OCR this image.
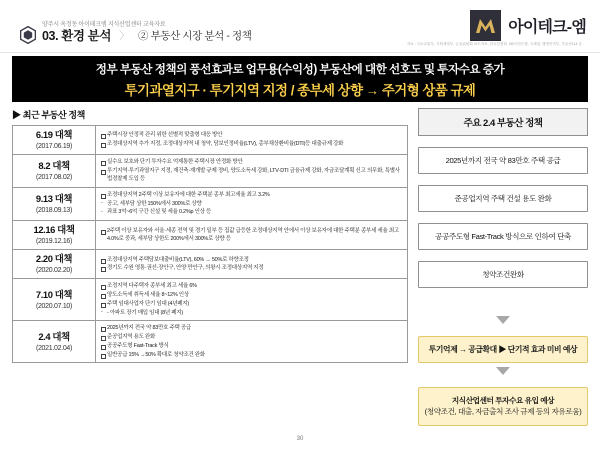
양주시 옥정동 아이테크엠 지식산업센터 교육자료
03. 환경 분석 〉 ② 부동산 시장 분석 - 정책	아이테크-엠
자료 : 국토교통부, 기획재정부, 금융위원회 보도자료, 한국감정원, KB국민은행, 국세청, 행정안전부, 부동산114 등
정부 부동산 정책의 풍선효과로 업무용(수익성) 부동산에 대한 선호도 및 투자수요 증가
투기과열지구 · 투기지역 지정 / 종부세 상향 → 주거형 상품 규제
▶ 최근 부동산 정책
6.19 대책
(2017.06.19)

주택시장 안정적 관리 위한 선별적 맞춤형 대응 방안
조정대상지역 추가 지정, 조정대상지역 내 청약, 담보인정비율(LTV), 총부채상환비율(DTI)등 대출규제 강화

8.2 대책
(2017.08.02)

실수요 보호와 단기 투자수요 억제통한 주택시장 안정화 방안
투기지역·투기과열지구 지정, 재건축·재개발 규제 정비, 양도소득세 강화, LTV·DTI 금융규제 강화, 자금조달계획 신고 의무화, 특별사법경찰제 도입 등

9.13 대책
(2018.09.13)

조정대상지역 2주택 이상 보유자에 대한 주택분 종부 최고세율 최고 3.2%
- 공고, 세부담 상한 150%에서 300%로 상향
- 과표 3억~6억 구간 신설 및 세율 0.2%p 인상 등

12.16 대책
(2019.12.16)

2주택 이상 보유자와 서울·세종 전역 및 경기 일부 등 집값 급등한 조정대상지역 안에서 이상 보유자에 대한 주택분 종부세 세율 최고 4.0%로 중과, 세부담 상한도 200%에서 300%로 상향 등

2.20 대책
(2020.02.20)

조정대상지역 주택담보대출비율(LTV), 60% → 50%로 하향조정
경기도 수원 영통·권선·장안구, 안양 만안구, 의왕시 조정대상지역 지정

7.10 대책
(2020.07.10)

조정지역 다주택자 종부세 최고 세율 6%
양도소득세 취득세 세율 8~12% 인상
주택 임대사업자 단기 임대 (4년폐지)
- - 아파트 장기 매입 임대 (8년 폐지)

2.4 대책
(2021.02.04)

2025년까지 전국 약 83만호 주택 공급
준공업지역 용도 완화
공공주도형 Fast-Track 방식
일반공급 15% →50% 확대로 청약조건 완화
주요 2.4 부동산 정책
2025년까지 전국 약 83만호 주택 공급
준공업지역 주택 건설 용도 완화
공공주도형 Fast-Track 방식으로 인하여 단축
청약조건완화
투기억제 → 공급확대 ▶ 단기적 효과 미비 예상
지식산업센터 투자수요 유입 예상
(청약조건, 대출, 자금출처 조사 규제 등의 자유로움)
30
